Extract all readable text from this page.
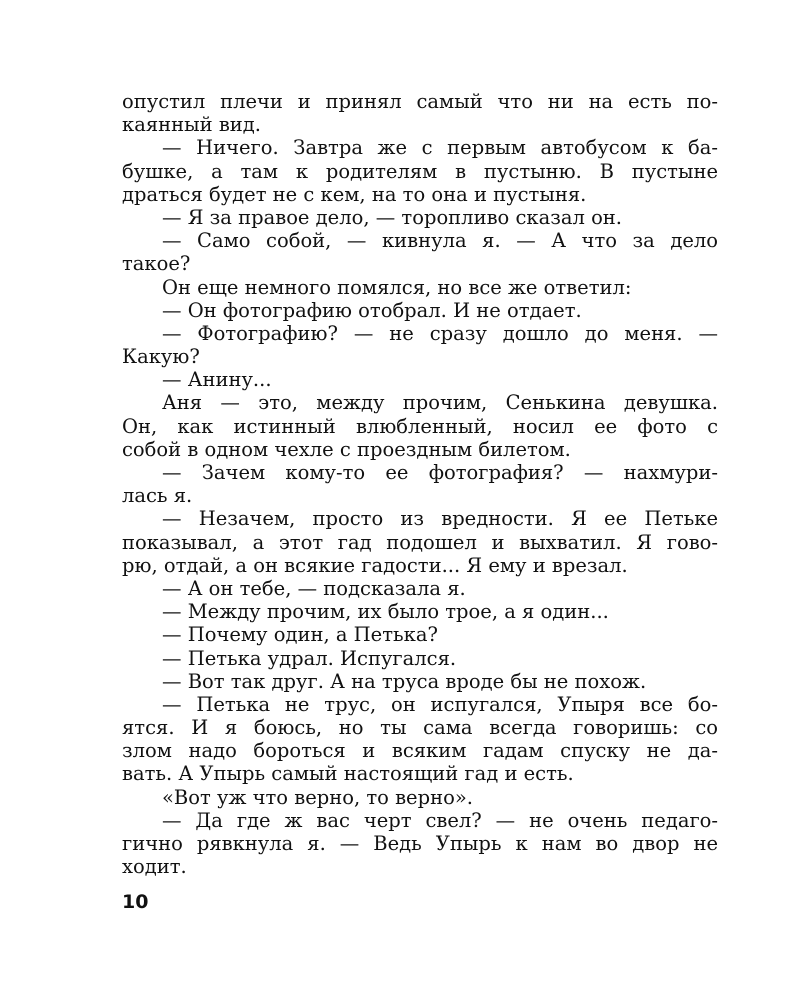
опустил плечи и принял самый что ни на есть по-
каянный вид.
— Ничего. Завтра же с первым автобусом к ба-
бушке, а там к родителям в пустыню. В пустыне
драться будет не с кем, на то она и пустыня.
— Я за правое дело, — торопливо сказал он.
— Само собой, — кивнула я. — А что за дело
такое?
Он еще немного помялся, но все же ответил:
— Он фотографию отобрал. И не отдает.
— Фотографию? — не сразу дошло до меня. —
Какую?
— Анину...
Аня — это, между прочим, Сенькина девушка.
Он, как истинный влюбленный, носил ее фото с
собой в одном чехле с проездным билетом.
— Зачем кому-то ее фотография? — нахмури-
лась я.
— Незачем, просто из вредности. Я ее Петьке
показывал, а этот гад подошел и выхватил. Я гово-
рю, отдай, а он всякие гадости... Я ему и врезал.
— А он тебе, — подсказала я.
— Между прочим, их было трое, а я один...
— Почему один, а Петька?
— Петька удрал. Испугался.
— Вот так друг. А на труса вроде бы не похож.
— Петька не трус, он испугался, Упыря все бо-
ятся. И я боюсь, но ты сама всегда говоришь: со
злом надо бороться и всяким гадам спуску не да-
вать. А Упырь самый настоящий гад и есть.
«Вот уж что верно, то верно».
— Да где ж вас черт свел? — не очень педаго-
гично рявкнула я. — Ведь Упырь к нам во двор не
ходит.
10
